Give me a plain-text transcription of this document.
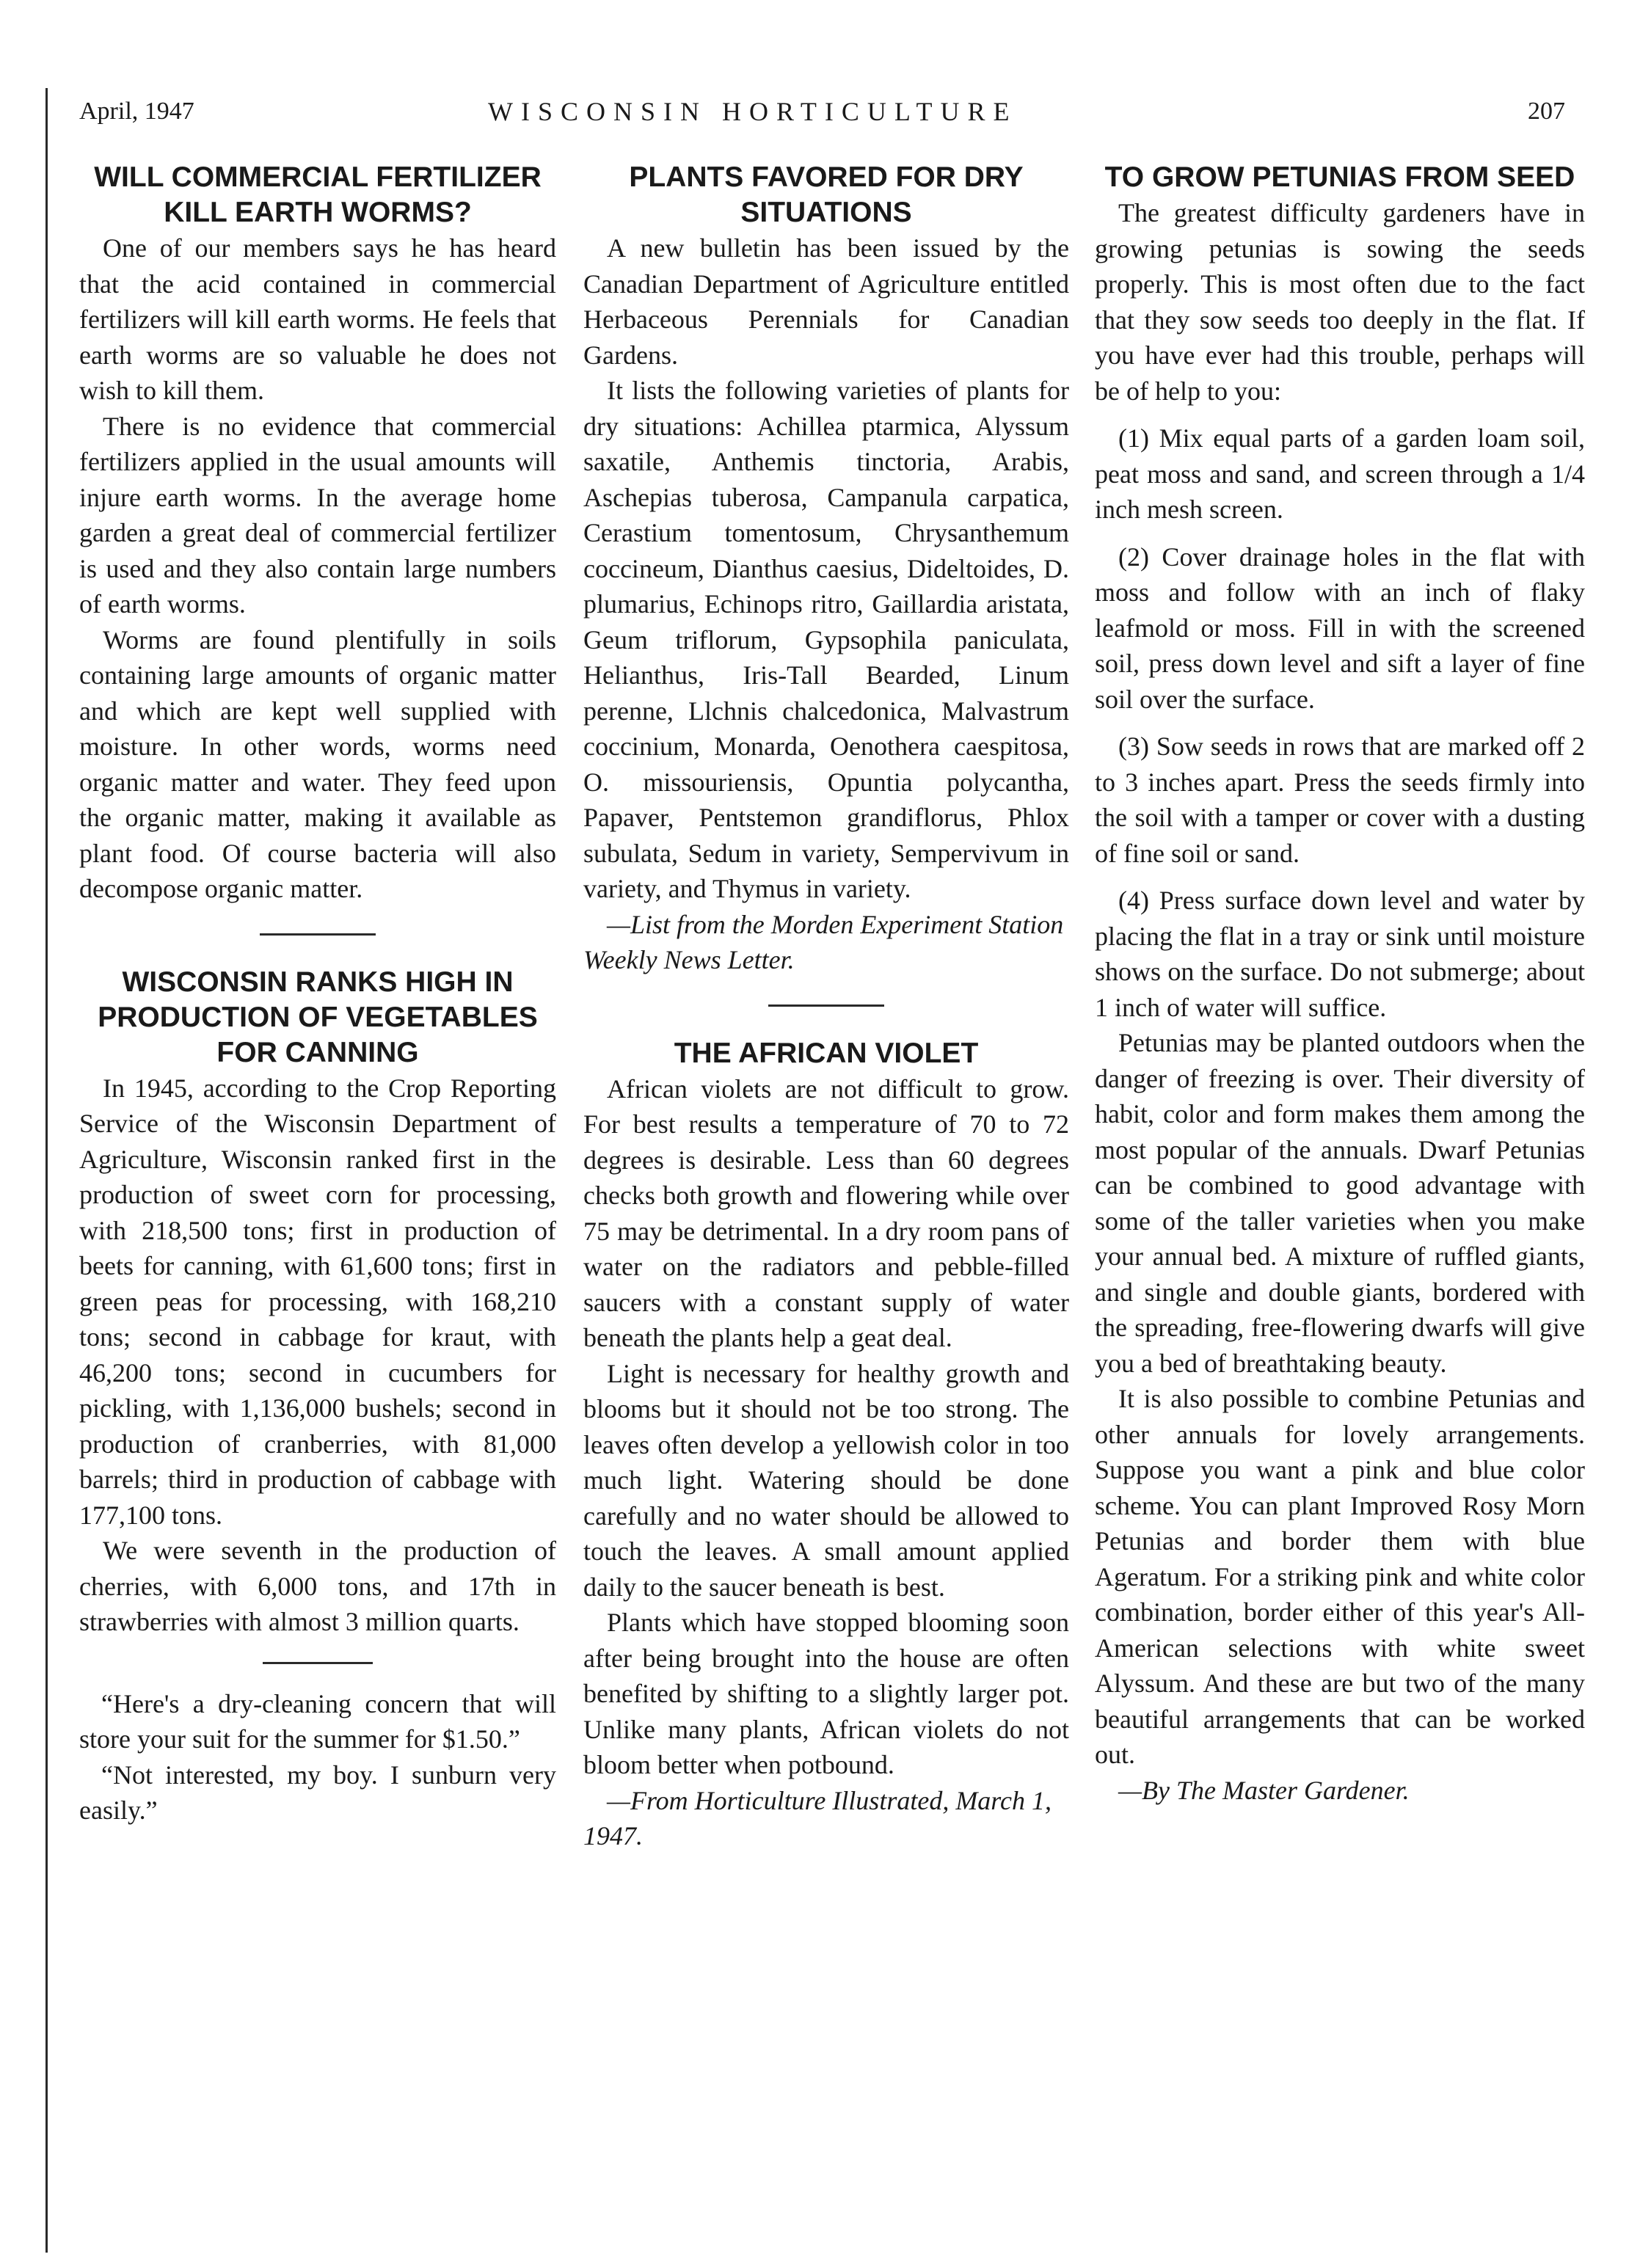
April, 1947	WISCONSIN HORTICULTURE	207
WILL COMMERCIAL FERTILIZER KILL EARTH WORMS?

One of our members says he has heard that the acid contained in commercial fertilizers will kill earth worms. He feels that earth worms are so valuable he does not wish to kill them.

There is no evidence that commercial fertilizers applied in the usual amounts will injure earth worms. In the average home garden a great deal of commercial fertilizer is used and they also contain large numbers of earth worms.

Worms are found plentifully in soils containing large amounts of organic matter and which are kept well supplied with moisture. In other words, worms need organic matter and water. They feed upon the organic matter, making it available as plant food. Of course bacteria will also decompose organic matter.

WISCONSIN RANKS HIGH IN PRODUCTION OF VEGETABLES FOR CANNING

In 1945, according to the Crop Reporting Service of the Wisconsin Department of Agriculture, Wisconsin ranked first in the production of sweet corn for processing, with 218,500 tons; first in production of beets for canning, with 61,600 tons; first in green peas for processing, with 168,210 tons; second in cabbage for kraut, with 46,200 tons; second in cucumbers for pickling, with 1,136,000 bushels; second in production of cranberries, with 81,000 barrels; third in production of cabbage with 177,100 tons.

We were seventh in the production of cherries, with 6,000 tons, and 17th in strawberries with almost 3 million quarts.

“Here's a dry-cleaning concern that will store your suit for the summer for $1.50.”

“Not interested, my boy. I sunburn very easily.”

PLANTS FAVORED FOR DRY SITUATIONS

A new bulletin has been issued by the Canadian Department of Agriculture entitled Herbaceous Perennials for Canadian Gardens.

It lists the following varieties of plants for dry situations: Achillea ptarmica, Alyssum saxatile, Anthemis tinctoria, Arabis, Aschepias tuberosa, Campanula carpatica, Cerastium tomentosum, Chrysanthemum coccineum, Dianthus caesius, Dideltoides, D. plumarius, Echinops ritro, Gaillardia aristata, Geum triflorum, Gypsophila paniculata, Helianthus, Iris-Tall Bearded, Linum perenne, Llchnis chalcedonica, Malvastrum coccinium, Monarda, Oenothera caespitosa, O. missouriensis, Opuntia polycantha, Papaver, Pentstemon grandiflorus, Phlox subulata, Sedum in variety, Sempervivum in variety, and Thymus in variety.

—List from the Morden Experiment Station Weekly News Letter.

THE AFRICAN VIOLET

African violets are not difficult to grow. For best results a temperature of 70 to 72 degrees is desirable. Less than 60 degrees checks both growth and flowering while over 75 may be detrimental. In a dry room pans of water on the radiators and pebble-filled saucers with a constant supply of water beneath the plants help a geat deal.

Light is necessary for healthy growth and blooms but it should not be too strong. The leaves often develop a yellowish color in too much light. Watering should be done carefully and no water should be allowed to touch the leaves. A small amount applied daily to the saucer beneath is best.

Plants which have stopped blooming soon after being brought into the house are often benefited by shifting to a slightly larger pot. Unlike many plants, African violets do not bloom better when potbound.

—From Horticulture Illustrated, March 1, 1947.

TO GROW PETUNIAS FROM SEED

The greatest difficulty gardeners have in growing petunias is sowing the seeds properly. This is most often due to the fact that they sow seeds too deeply in the flat. If you have ever had this trouble, perhaps will be of help to you:

(1) Mix equal parts of a garden loam soil, peat moss and sand, and screen through a 1/4 inch mesh screen.

(2) Cover drainage holes in the flat with moss and follow with an inch of flaky leafmold or moss. Fill in with the screened soil, press down level and sift a layer of fine soil over the surface.

(3) Sow seeds in rows that are marked off 2 to 3 inches apart. Press the seeds firmly into the soil with a tamper or cover with a dusting of fine soil or sand.

(4) Press surface down level and water by placing the flat in a tray or sink until moisture shows on the surface. Do not submerge; about 1 inch of water will suffice.

Petunias may be planted outdoors when the danger of freezing is over. Their diversity of habit, color and form makes them among the most popular of the annuals. Dwarf Petunias can be combined to good advantage with some of the taller varieties when you make your annual bed. A mixture of ruffled giants, and single and double giants, bordered with the spreading, free-flowering dwarfs will give you a bed of breathtaking beauty.

It is also possible to combine Petunias and other annuals for lovely arrangements. Suppose you want a pink and blue color scheme. You can plant Improved Rosy Morn Petunias and border them with blue Ageratum. For a striking pink and white color combination, border either of this year's All-American selections with white sweet Alyssum. And these are but two of the many beautiful arrangements that can be worked out.

—By The Master Gardener.
